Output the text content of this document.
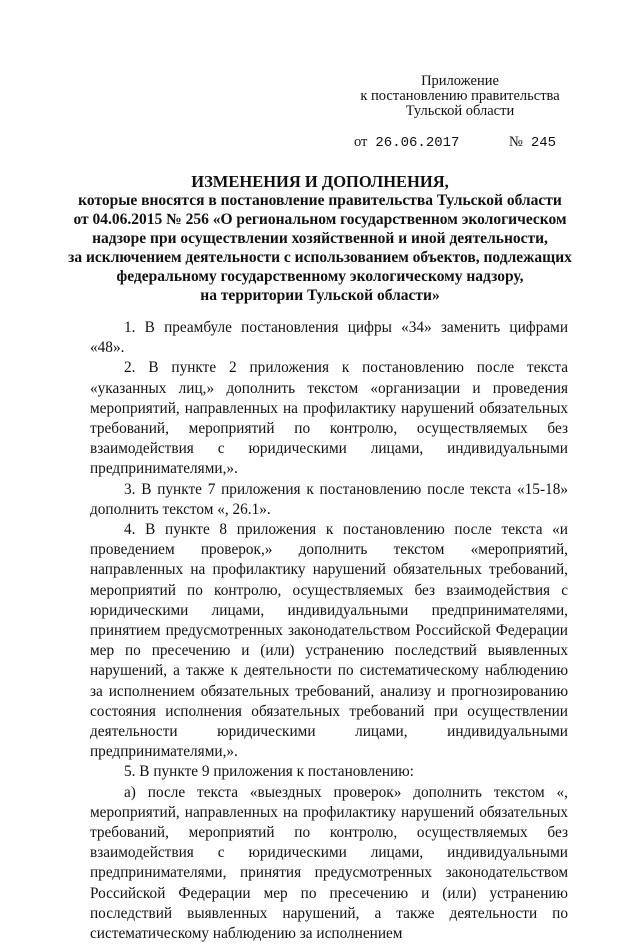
Приложение
к постановлению правительства
Тульской области
от 26.06.2017	№ 245
ИЗМЕНЕНИЯ И ДОПОЛНЕНИЯ,
которые вносятся в постановление правительства Тульской области
от 04.06.2015 № 256 «О региональном государственном экологическом
надзоре при осуществлении хозяйственной и иной деятельности,
за исключением деятельности с использованием объектов, подлежащих
федеральному государственному экологическому надзору,
на территории Тульской области»

1. В преамбуле постановления цифры «34» заменить цифрами «48».

2. В пункте 2 приложения к постановлению после текста «указанных лиц,» дополнить текстом «организации и проведения мероприятий, направленных на профилактику нарушений обязательных требований, мероприятий по контролю, осуществляемых без взаимодействия с юридическими лицами, индивидуальными предпринимателями,».

3. В пункте 7 приложения к постановлению после текста «15-18» дополнить текстом «, 26.1».

4. В пункте 8 приложения к постановлению после текста «и проведением проверок,» дополнить текстом «мероприятий, направленных на профилактику нарушений обязательных требований, мероприятий по контролю, осуществляемых без взаимодействия с юридическими лицами, индивидуальными предпринимателями, принятием предусмотренных законодательством Российской Федерации мер по пресечению и (или) устранению последствий выявленных нарушений, а также к деятельности по систематическому наблюдению за исполнением обязательных требований, анализу и прогнозированию состояния исполнения обязательных требований при осуществлении деятельности юридическими лицами, индивидуальными предпринимателями,».

5. В пункте 9 приложения к постановлению:

а) после текста «выездных проверок» дополнить текстом «, мероприятий, направленных на профилактику нарушений обязательных требований, мероприятий по контролю, осуществляемых без взаимодействия с юридическими лицами, индивидуальными предпринимателями, принятия предусмотренных законодательством Российской Федерации мер по пресечению и (или) устранению последствий выявленных нарушений, а также деятельности по систематическому наблюдению за исполнением
